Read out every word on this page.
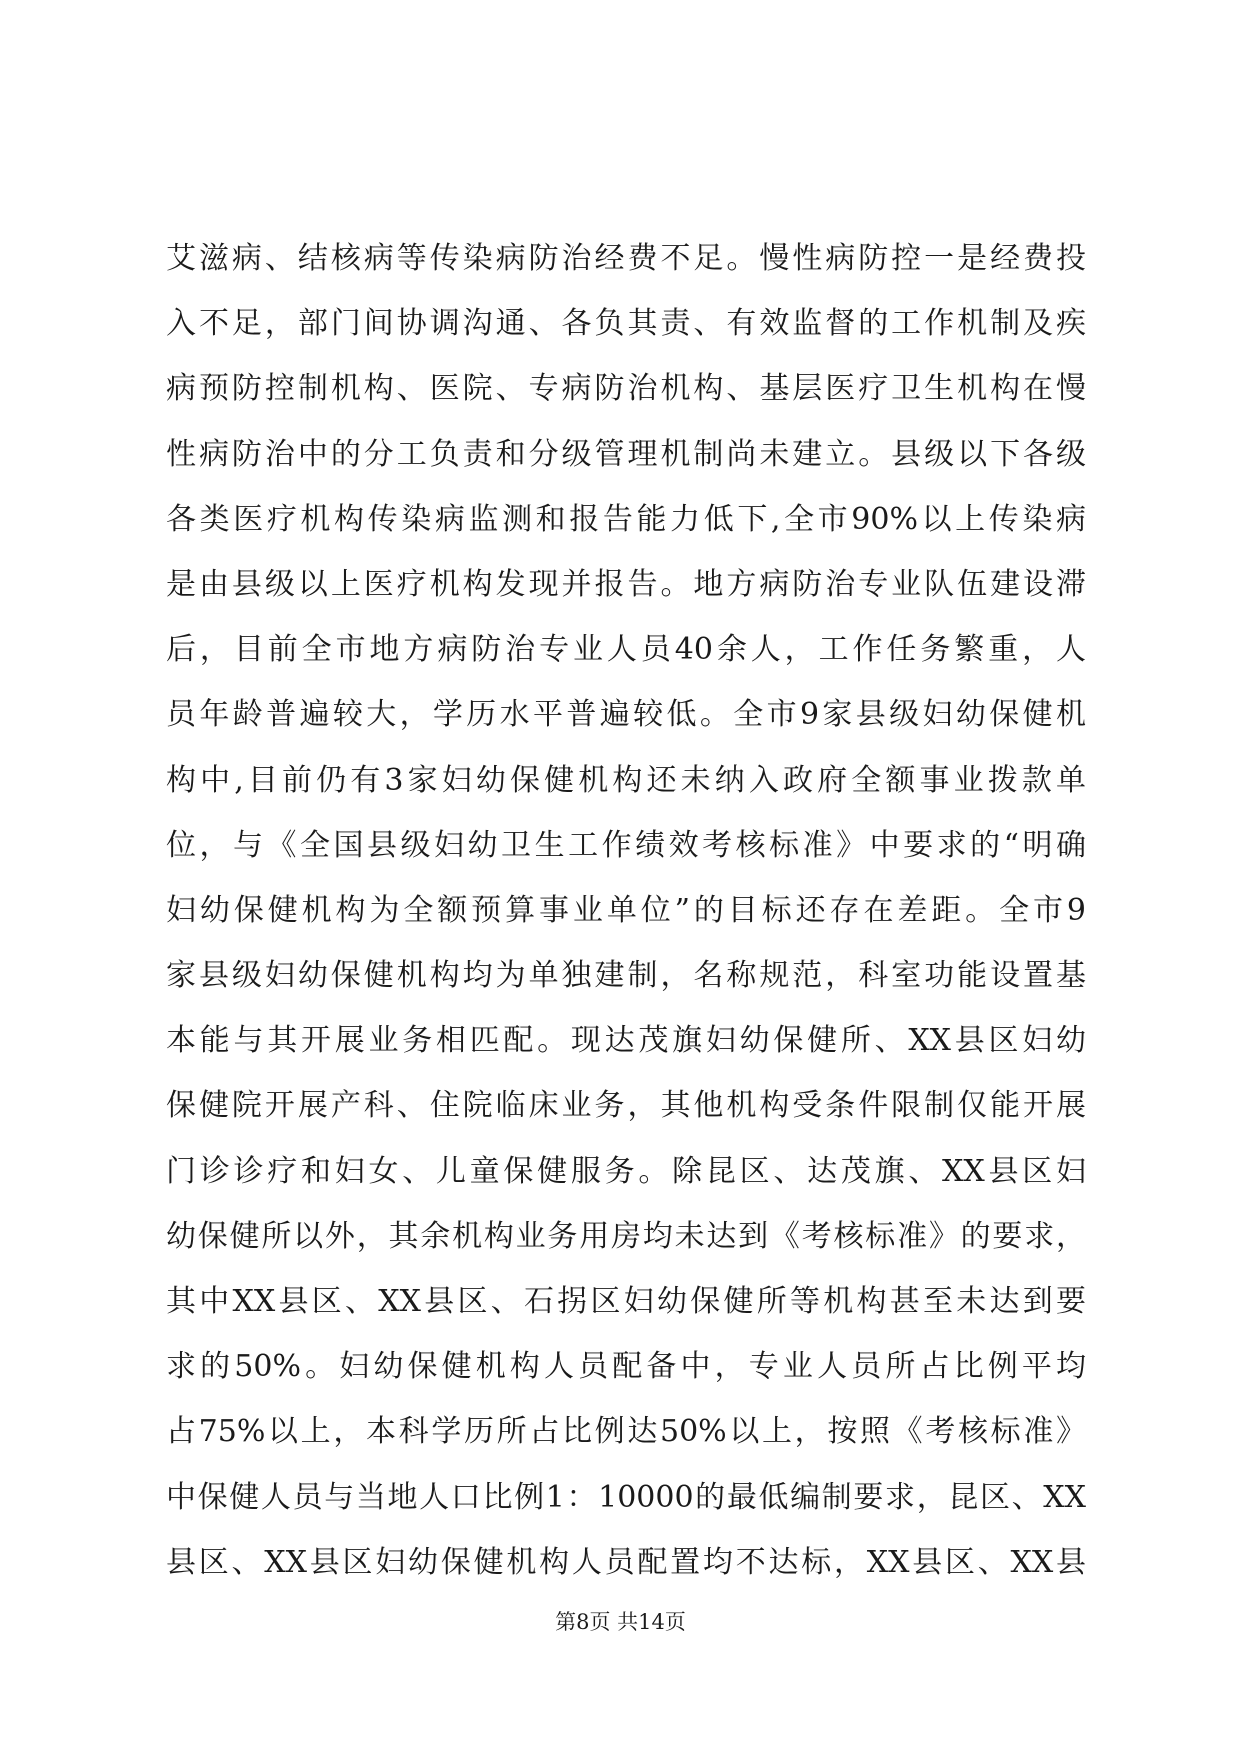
艾滋病、结核病等传染病防治经费不足。慢性病防控一是经费投
入不足，部门间协调沟通、各负其责、有效监督的工作机制及疾
病预防控制机构、医院、专病防治机构、基层医疗卫生机构在慢
性病防治中的分工负责和分级管理机制尚未建立。县级以下各级
各类医疗机构传染病监测和报告能力低下,全市90%以上传染病
是由县级以上医疗机构发现并报告。地方病防治专业队伍建设滞
后，目前全市地方病防治专业人员40余人，工作任务繁重，人
员年龄普遍较大，学历水平普遍较低。全市9家县级妇幼保健机
构中,目前仍有3家妇幼保健机构还未纳入政府全额事业拨款单
位，与《全国县级妇幼卫生工作绩效考核标准》中要求的“明确
妇幼保健机构为全额预算事业单位”的目标还存在差距。全市9
家县级妇幼保健机构均为单独建制，名称规范，科室功能设置基
本能与其开展业务相匹配。现达茂旗妇幼保健所、XX县区妇幼
保健院开展产科、住院临床业务，其他机构受条件限制仅能开展
门诊诊疗和妇女、儿童保健服务。除昆区、达茂旗、XX县区妇
幼保健所以外，其余机构业务用房均未达到《考核标准》的要求，
其中XX县区、XX县区、石拐区妇幼保健所等机构甚至未达到要
求的50%。妇幼保健机构人员配备中，专业人员所占比例平均
占75%以上，本科学历所占比例达50%以上，按照《考核标准》
中保健人员与当地人口比例1：10000的最低编制要求，昆区、XX
县区、XX县区妇幼保健机构人员配置均不达标，XX县区、XX县
第8页 共14页
